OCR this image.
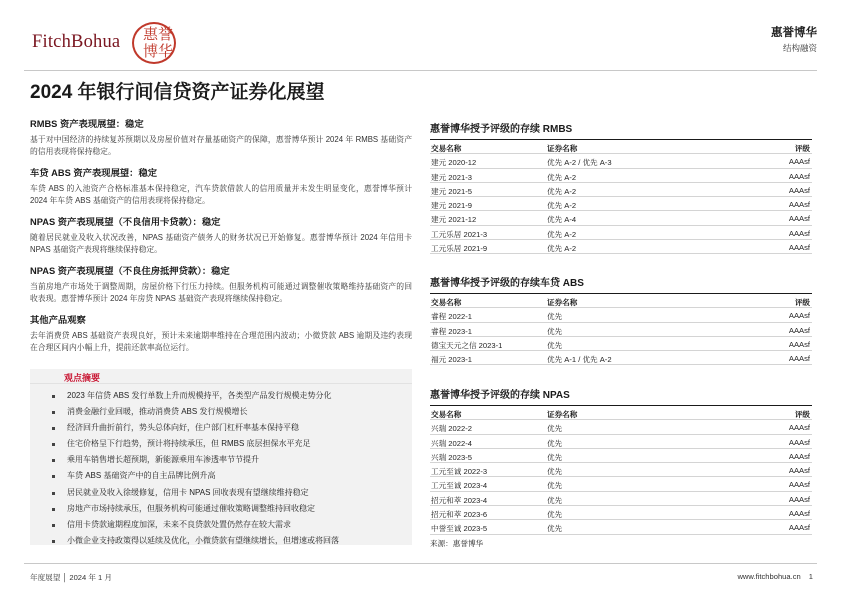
FitchBohua 惠誉
博华
惠誉博华
结构融资
2024 年银行间信贷资产证券化展望
RMBS 资产表现展望：稳定

基于对中国经济的持续复苏预期以及房屋价值对存量基础资产的保障，惠誉博华预计 2024 年 RMBS 基础资产的信用表现将保持稳定。

车贷 ABS 资产表现展望：稳定

车贷 ABS 的入池资产合格标准基本保持稳定，汽车贷款借款人的信用质量并未发生明显变化，惠誉博华预计 2024 年车贷 ABS 基础资产的信用表现将保持稳定。

NPAS 资产表现展望（不良信用卡贷款）：稳定

随着居民就业及收入状况改善，NPAS 基础资产债务人的财务状况已开始修复。惠誉博华预计 2024 年信用卡 NPAS 基础资产表现将继续保持稳定。

NPAS 资产表现展望（不良住房抵押贷款）：稳定

当前房地产市场处于调整周期，房屋价格下行压力持续。但服务机构可能通过调整催收策略维持基础资产的回收表现。惠誉博华预计 2024 年房贷 NPAS 基础资产表现将继续保持稳定。

其他产品观察

去年消费贷 ABS 基础资产表现良好，预计未来逾期率维持在合理范围内波动；小微贷款 ABS 逾期及违约表现在合理区间内小幅上升，提前还款率高位运行。

观点摘要
2023 年信贷 ABS 发行单数上升而规模持平，各类型产品发行规模走势分化
消费金融行业回暖，推动消费贷 ABS 发行规模增长
经济回升曲折前行，势头总体向好，住户部门杠杆率基本保持平稳
住宅价格呈下行趋势，预计将持续承压，但 RMBS 底层担保水平充足
乘用车销售增长超预期，新能源乘用车渗透率节节提升
车贷 ABS 基础资产中的自主品牌比例升高
居民就业及收入徐缓修复，信用卡 NPAS 回收表现有望继续维持稳定
房地产市场持续承压，但服务机构可能通过催收策略调整维持回收稳定
信用卡贷款逾期程度加深，未来不良贷款处置仍然存在较大需求
小微企业支持政策得以延续及优化，小微贷款有望继续增长，但增速或将回落
惠誉博华授予评级的存续 RMBS
交易名称	证券名称	评级
建元 2020-12	优先 A-2 / 优先 A-3	AAAsf
建元 2021-3	优先 A-2	AAAsf
建元 2021-5	优先 A-2	AAAsf
建元 2021-9	优先 A-2	AAAsf
建元 2021-12	优先 A-4	AAAsf
工元乐居 2021-3	优先 A-2	AAAsf
工元乐居 2021-9	优先 A-2	AAAsf
惠誉博华授予评级的存续车贷 ABS
交易名称	证券名称	评级
睿程 2022-1	优先	AAAsf
睿程 2023-1	优先	AAAsf
德宝天元之信 2023-1	优先	AAAsf
福元 2023-1	优先 A-1 / 优先 A-2	AAAsf
惠誉博华授予评级的存续 NPAS
交易名称	证券名称	评级
兴瑞 2022-2	优先	AAAsf
兴瑞 2022-4	优先	AAAsf
兴瑞 2023-5	优先	AAAsf
工元至诚 2022-3	优先	AAAsf
工元至诚 2023-4	优先	AAAsf
招元和萃 2023-4	优先	AAAsf
招元和萃 2023-6	优先	AAAsf
中誉至诚 2023-5	优先	AAAsf
来源：惠誉博华
年度展望 │ 2024 年 1 月	www.fitchbohua.cn 1
